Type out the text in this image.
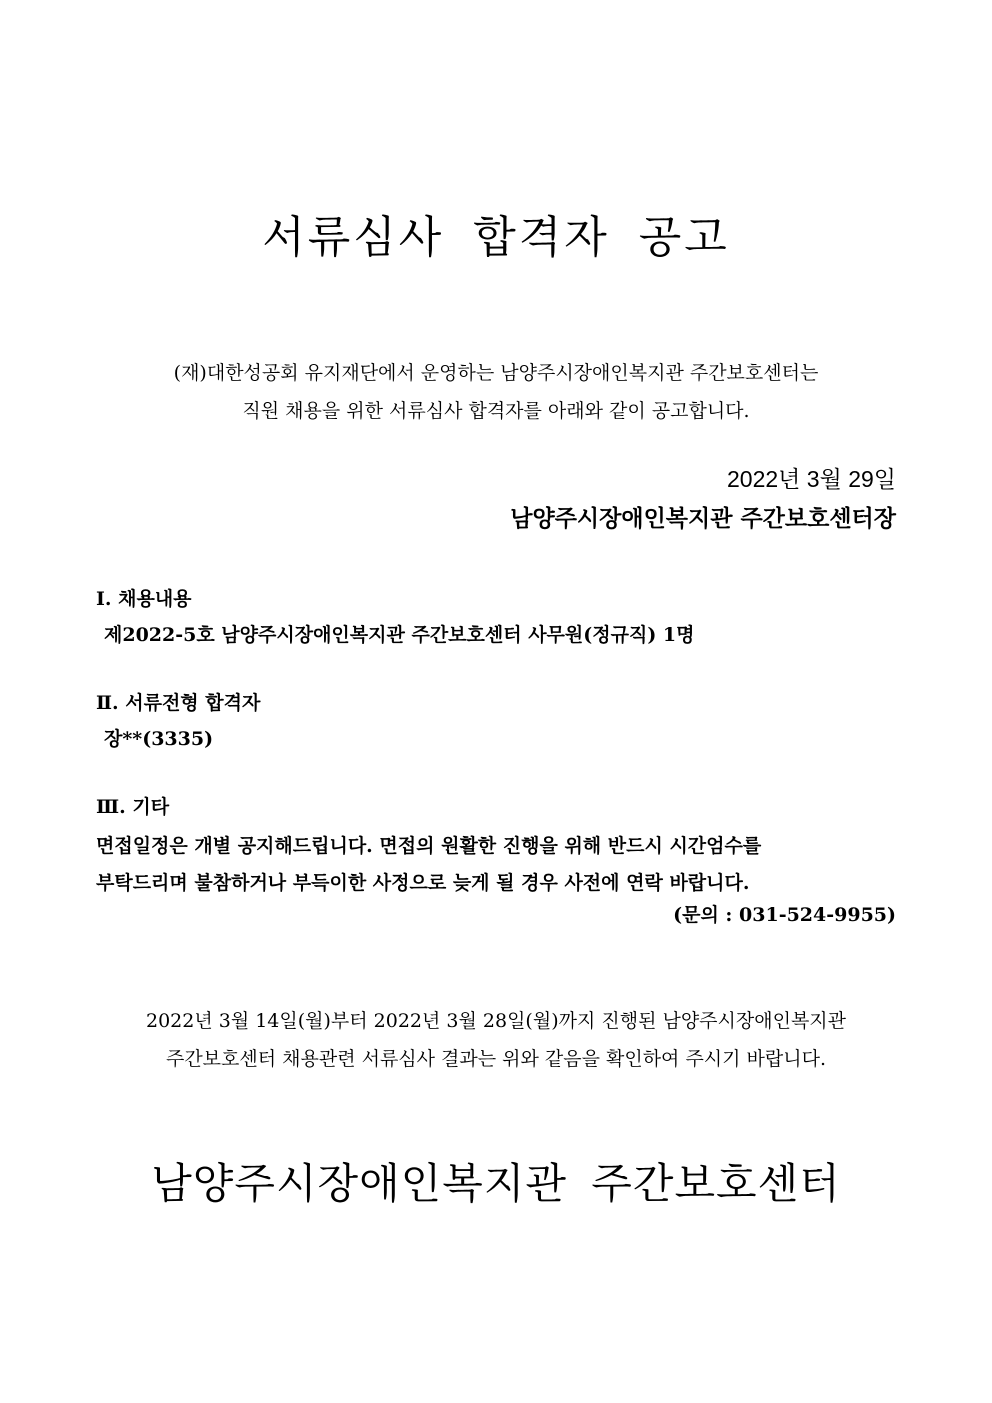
서류심사 합격자 공고
(재)대한성공회 유지재단에서 운영하는 남양주시장애인복지관 주간보호센터는
직원 채용을 위한 서류심사 합격자를 아래와 같이 공고합니다.
2022년 3월 29일
남양주시장애인복지관 주간보호센터장
Ⅰ. 채용내용
제2022-5호 남양주시장애인복지관 주간보호센터 사무원(정규직) 1명
Ⅱ. 서류전형 합격자
장**(3335)
Ⅲ. 기타
면접일정은 개별 공지해드립니다. 면접의 원활한 진행을 위해 반드시 시간엄수를
부탁드리며 불참하거나 부득이한 사정으로 늦게 될 경우 사전에 연락 바랍니다.
(문의 : 031-524-9955)
2022년 3월 14일(월)부터 2022년 3월 28일(월)까지 진행된 남양주시장애인복지관
주간보호센터 채용관련 서류심사 결과는 위와 같음을 확인하여 주시기 바랍니다.
남양주시장애인복지관 주간보호센터
